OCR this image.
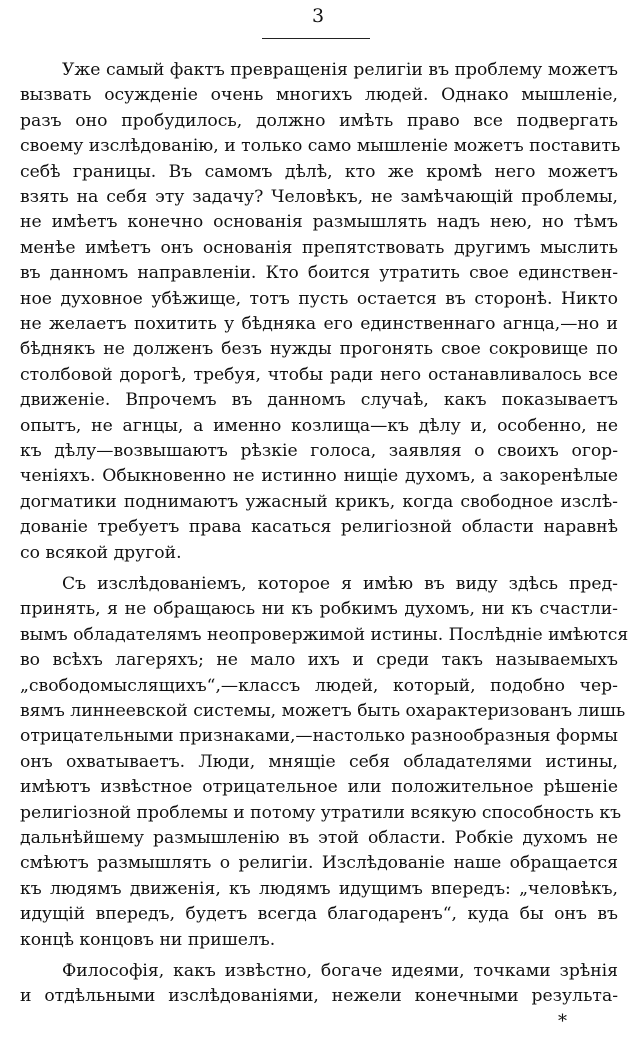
3
Уже самый фактъ превращенія религіи въ проблему можетъ
вызвать осужденіе очень многихъ людей. Однако мышленіе,
разъ оно пробудилось, должно имѣть право все подвергать
своему изслѣдованію, и только само мышленіе можетъ поставить
себѣ границы. Въ самомъ дѣлѣ, кто же кромѣ него можетъ
взять на себя эту задачу? Человѣкъ, не замѣчающій проблемы,
не имѣетъ конечно основанія размышлять надъ нею, но тѣмъ
менѣе имѣетъ онъ основанія препятствовать другимъ мыслить
въ данномъ направленіи. Кто боится утратить свое единствен-
ное духовное убѣжище, тотъ пусть остается въ сторонѣ. Никто
не желаетъ похитить у бѣдняка его единственнаго агнца,—но и
бѣднякъ не долженъ безъ нужды прогонять свое сокровище по
столбовой дорогѣ, требуя, чтобы ради него останавливалось все
движеніе. Впрочемъ въ данномъ случаѣ, какъ показываетъ
опытъ, не агнцы, а именно козлища—къ дѣлу и, особенно, не
къ дѣлу—возвышаютъ рѣзкіе голоса, заявляя о своихъ огор-
ченіяхъ. Обыкновенно не истинно нищіе духомъ, а закоренѣлые
догматики поднимаютъ ужасный крикъ, когда свободное изслѣ-
дованіе требуетъ права касаться религіозной области наравнѣ
со всякой другой.
Съ изслѣдованіемъ, которое я имѣю въ виду здѣсь пред-
принять, я не обращаюсь ни къ робкимъ духомъ, ни къ счастли-
вымъ обладателямъ неопровержимой истины. Послѣдніе имѣются
во всѣхъ лагеряхъ; не мало ихъ и среди такъ называемыхъ
„свободомыслящихъ“,—классъ людей, который, подобно чер-
вямъ линнеевской системы, можетъ быть охарактеризованъ лишь
отрицательными признаками,—настолько разнообразныя формы
онъ охватываетъ. Люди, мнящіе себя обладателями истины,
имѣютъ извѣстное отрицательное или положительное рѣшеніе
религіозной проблемы и потому утратили всякую способность къ
дальнѣйшему размышленію въ этой области. Робкіе духомъ не
смѣютъ размышлять о религіи. Изслѣдованіе наше обращается
къ людямъ движенія, къ людямъ идущимъ впередъ: „человѣкъ,
идущій впередъ, будетъ всегда благодаренъ“, куда бы онъ въ
концѣ концовъ ни пришелъ.
Философія, какъ извѣстно, богаче идеями, точками зрѣнія
и отдѣльными изслѣдованіями, нежели конечными результа-
*
